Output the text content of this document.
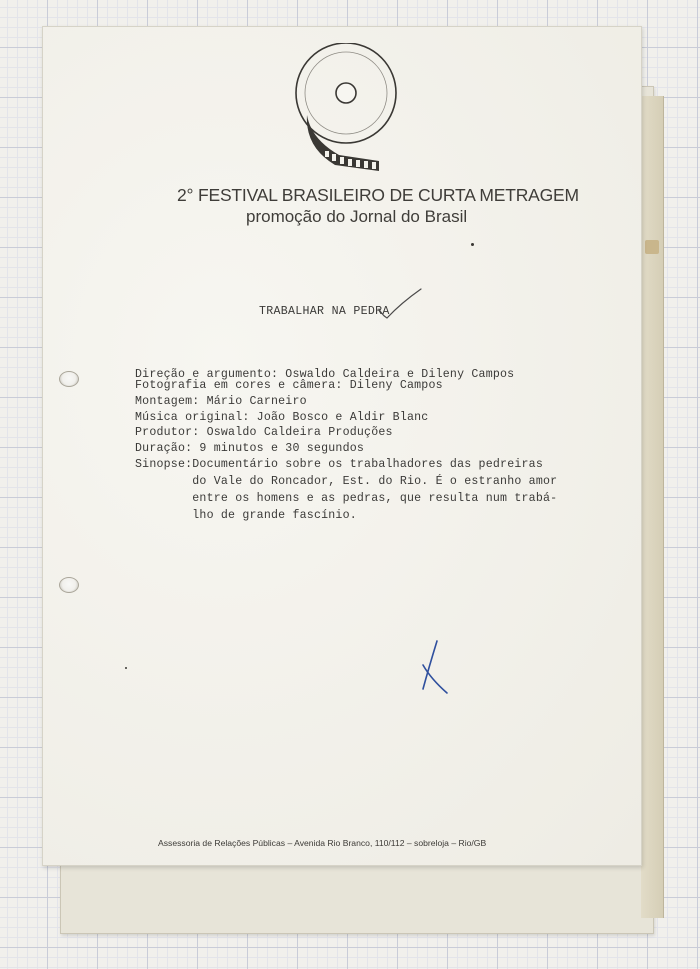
2° FESTIVAL BRASILEIRO DE CURTA METRAGEM
promoção do Jornal do Brasil
TRABALHAR NA PEDRA
Direção e argumento: Oswaldo Caldeira e Dileny Campos
Fotografia em cores e câmera: Dileny Campos
Montagem: Mário Carneiro
Música original: João Bosco e Aldir Blanc
Produtor: Oswaldo Caldeira Produções
Duração: 9 minutos e 30 segundos
Sinopse: Documentário sobre os trabalhadores das pedreiras
do Vale do Roncador, Est. do Rio. É o estranho amor
entre os homens e as pedras, que resulta num trabá-
lho de grande fascínio.
Assessoria de Relações Públicas – Avenida Rio Branco, 110/112 – sobreloja – Rio/GB
